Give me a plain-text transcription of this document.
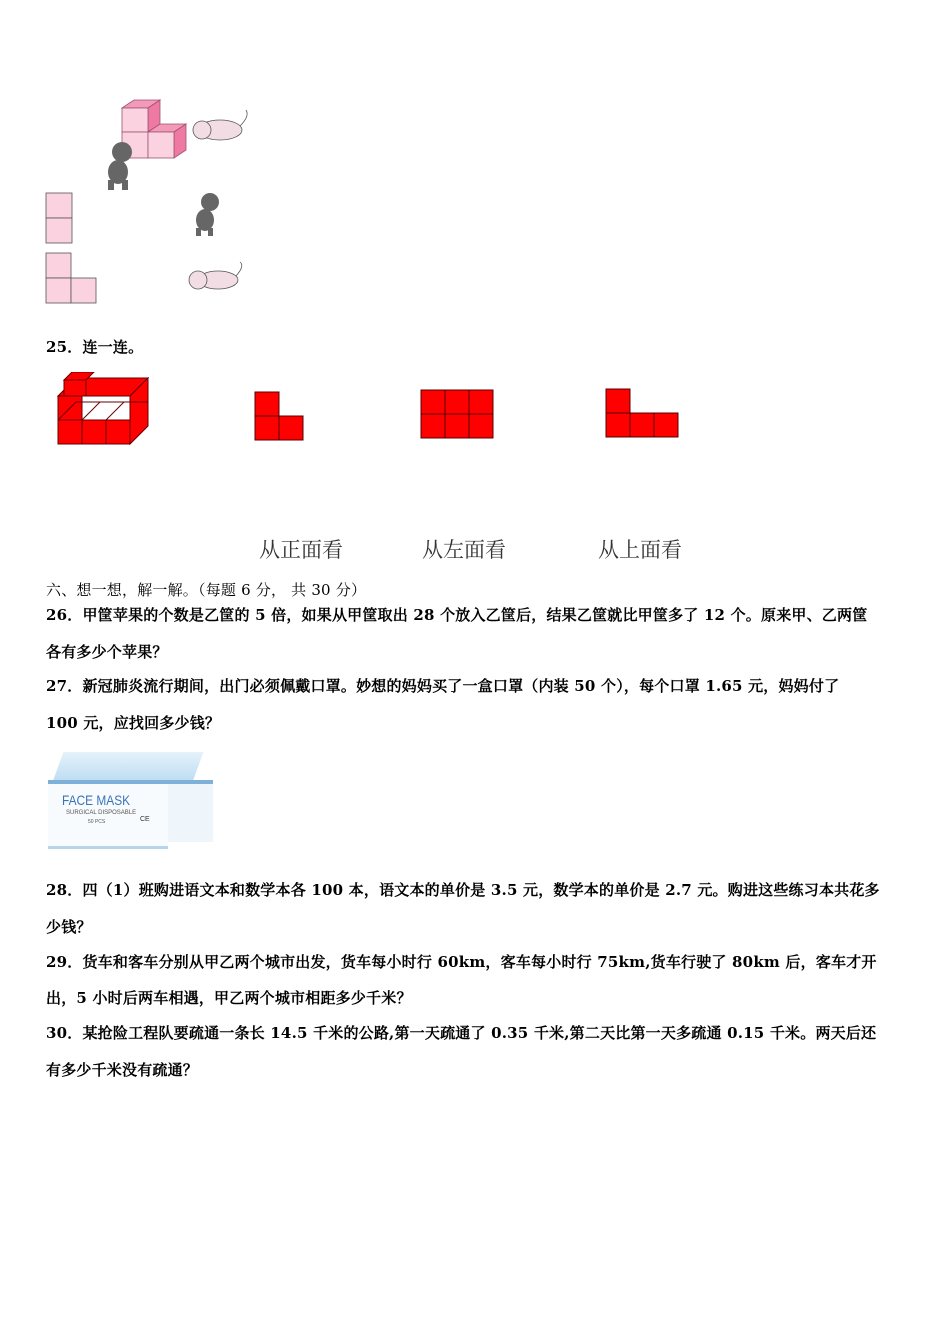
25．连一连。
从正面看	从左面看	从上面看
六、想一想，解一解。（每题 6 分， 共 30 分）
26．甲筐苹果的个数是乙筐的 5 倍，如果从甲筐取出 28 个放入乙筐后，结果乙筐就比甲筐多了 12 个。原来甲、乙两筐
各有多少个苹果？
27．新冠肺炎流行期间，出门必须佩戴口罩。妙想的妈妈买了一盒口罩（内装 50 个），每个口罩 1.65 元，妈妈付了
100 元，应找回多少钱？
FACE MASK
SURGICAL DISPOSABLE
50 PCS	CE
28．四（1）班购进语文本和数学本各 100 本，语文本的单价是 3.5 元，数学本的单价是 2.7 元。购进这些练习本共花多
少钱？
29．货车和客车分别从甲乙两个城市出发，货车每小时行 60km，客车每小时行 75km,货车行驶了 80km 后，客车才开
出，5 小时后两车相遇，甲乙两个城市相距多少千米？
30．某抢险工程队要疏通一条长 14.5 千米的公路,第一天疏通了 0.35 千米,第二天比第一天多疏通 0.15 千米。两天后还
有多少千米没有疏通？
